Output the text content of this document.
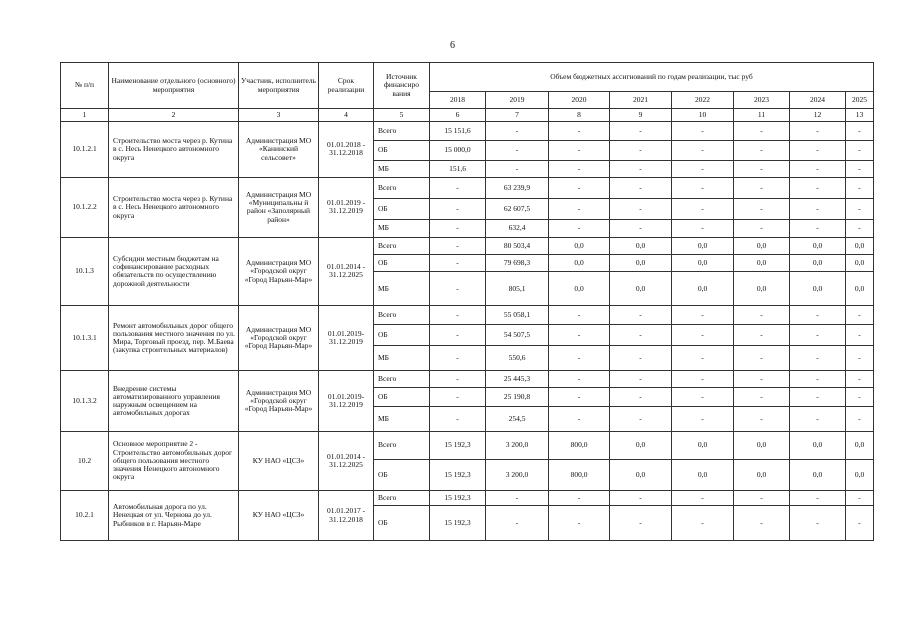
6
№ п/п	Наименование отдельного (основного) мероприятия	Участник, исполнитель мероприятия	Срок реализации	Источник финансиро вания	Объем бюджетных ассигнований по годам реализации, тыс руб							
					2018	2019	2020	2021	2022	2023	2024	2025
1	2	3	4	5	6	7	8	9	10	11	12	13
10.1.2.1	Строительство моста через р. Кутина в с. Несь Ненецкого автономного округа	Администрация МО «Канинский сельсовет»	01.01.2018 - 31.12.2018	Всего	15 151,6	-	-	-	-	-	-	-
				ОБ	15 000,0	-	-	-	-	-	-	-
				МБ	151,6	-	-	-	-	-	-	-
10.1.2.2	Строительство моста через р. Кутина в с. Несь Ненецкого автономного округа	Администрация МО «Муниципальны й район «Заполярный район»	01.01.2019 - 31.12.2019	Всего	-	63 239,9	-	-	-	-	-	-
				ОБ	-	62 607,5	-	-	-	-	-	-
				МБ	-	632,4	-	-	-	-	-	-
10.1.3	Субсидии местным бюджетам на софинансирование расходных обязательств по осуществлению дорожной деятельности	Администрация МО «Городской округ «Город Нарьян-Мар»	01.01.2014 - 31.12.2025	Всего	-	80 503,4	0,0	0,0	0,0	0,0	0,0	0,0
				ОБ	-	79 698,3	0,0	0,0	0,0	0,0	0,0	0,0
				МБ	-	805,1	0,0	0,0	0,0	0,0	0,0	0,0
10.1.3.1	Ремонт автомобильных дорог общего пользования местного значения по ул. Мира, Торговый проезд, пер. М.Баева (закупка строительных материалов)	Администрация МО «Городской округ «Город Нарьян-Мар»	01.01.2019- 31.12.2019	Всего	-	55 058,1	-	-	-	-	-	-
				ОБ	-	54 507,5	-	-	-	-	-	-
				МБ	-	550,6	-	-	-	-	-	-
10.1.3.2	Внедрение системы автоматизированного управления наружным освещением на автомобильных дорогах	Администрация МО «Городской округ «Город Нарьян-Мар»	01.01.2019- 31.12.2019	Всего	-	25 445,3	-	-	-	-	-	-
				ОБ	-	25 190,8	-	-	-	-	-	-
				МБ	-	254,5	-	-	-	-	-	-
10.2	Основное мероприятие 2 - Строительство автомобильных дорог общего пользования местного значения Ненецкого автономного округа	КУ НАО «ЦСЗ»	01.01.2014 - 31.12.2025	Всего	15 192,3	3 200,0	800,0	0,0	0,0	0,0	0,0	0,0
				ОБ	15 192,3	3 200,0	800,0	0,0	0,0	0,0	0,0	0,0
10.2.1	Автомобильная дорога по ул. Ненецкая от ул. Чернова до ул. Рыбников в г. Нарьян-Маре	КУ НАО «ЦСЗ»	01.01.2017 - 31.12.2018	Всего	15 192,3	-	-	-	-	-	-	-
				ОБ	15 192,3	-	-	-	-	-	-	-
